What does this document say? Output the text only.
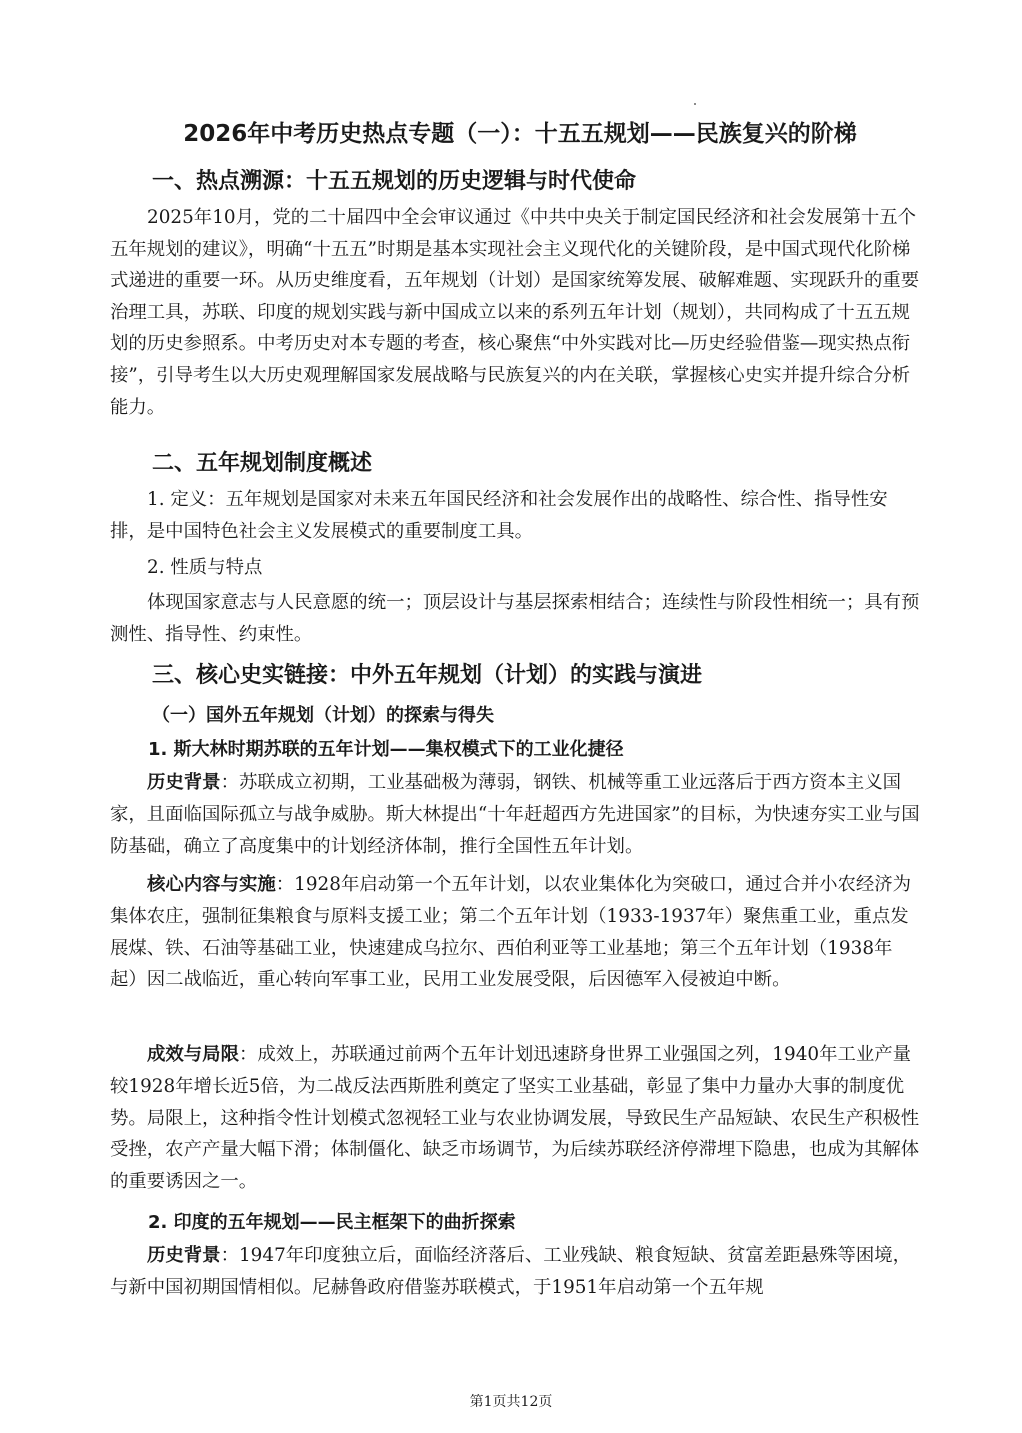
2026年中考历史热点专题（一）：十五五规划——民族复兴的阶梯
一、热点溯源：十五五规划的历史逻辑与时代使命
2025年10月，党的二十届四中全会审议通过《中共中央关于制定国民经济和社会发展第十五个五年规划的建议》，明确“十五五”时期是基本实现社会主义现代化的关键阶段，是中国式现代化阶梯式递进的重要一环。从历史维度看，五年规划（计划）是国家统筹发展、破解难题、实现跃升的重要治理工具，苏联、印度的规划实践与新中国成立以来的系列五年计划（规划），共同构成了十五五规划的历史参照系。中考历史对本专题的考查，核心聚焦“中外实践对比—历史经验借鉴—现实热点衔接”，引导考生以大历史观理解国家发展战略与民族复兴的内在关联，掌握核心史实并提升综合分析能力。
二、五年规划制度概述
1. 定义：五年规划是国家对未来五年国民经济和社会发展作出的战略性、综合性、指导性安排，是中国特色社会主义发展模式的重要制度工具。
2. 性质与特点
体现国家意志与人民意愿的统一；顶层设计与基层探索相结合；连续性与阶段性相统一；具有预测性、指导性、约束性。
三、核心史实链接：中外五年规划（计划）的实践与演进
（一）国外五年规划（计划）的探索与得失
1. 斯大林时期苏联的五年计划——集权模式下的工业化捷径
历史背景：苏联成立初期，工业基础极为薄弱，钢铁、机械等重工业远落后于西方资本主义国家，且面临国际孤立与战争威胁。斯大林提出“十年赶超西方先进国家”的目标，为快速夯实工业与国防基础，确立了高度集中的计划经济体制，推行全国性五年计划。
核心内容与实施：1928年启动第一个五年计划，以农业集体化为突破口，通过合并小农经济为集体农庄，强制征集粮食与原料支援工业；第二个五年计划（1933-1937年）聚焦重工业，重点发展煤、铁、石油等基础工业，快速建成乌拉尔、西伯利亚等工业基地；第三个五年计划（1938年起）因二战临近，重心转向军事工业，民用工业发展受限，后因德军入侵被迫中断。
成效与局限：成效上，苏联通过前两个五年计划迅速跻身世界工业强国之列，1940年工业产量较1928年增长近5倍，为二战反法西斯胜利奠定了坚实工业基础，彰显了集中力量办大事的制度优势。局限上，这种指令性计划模式忽视轻工业与农业协调发展，导致民生产品短缺、农民生产积极性受挫，农产产量大幅下滑；体制僵化、缺乏市场调节，为后续苏联经济停滞埋下隐患，也成为其解体的重要诱因之一。
2. 印度的五年规划——民主框架下的曲折探索
历史背景：1947年印度独立后，面临经济落后、工业残缺、粮食短缺、贫富差距悬殊等困境，与新中国初期国情相似。尼赫鲁政府借鉴苏联模式，于1951年启动第一个五年规
第1页共12页
